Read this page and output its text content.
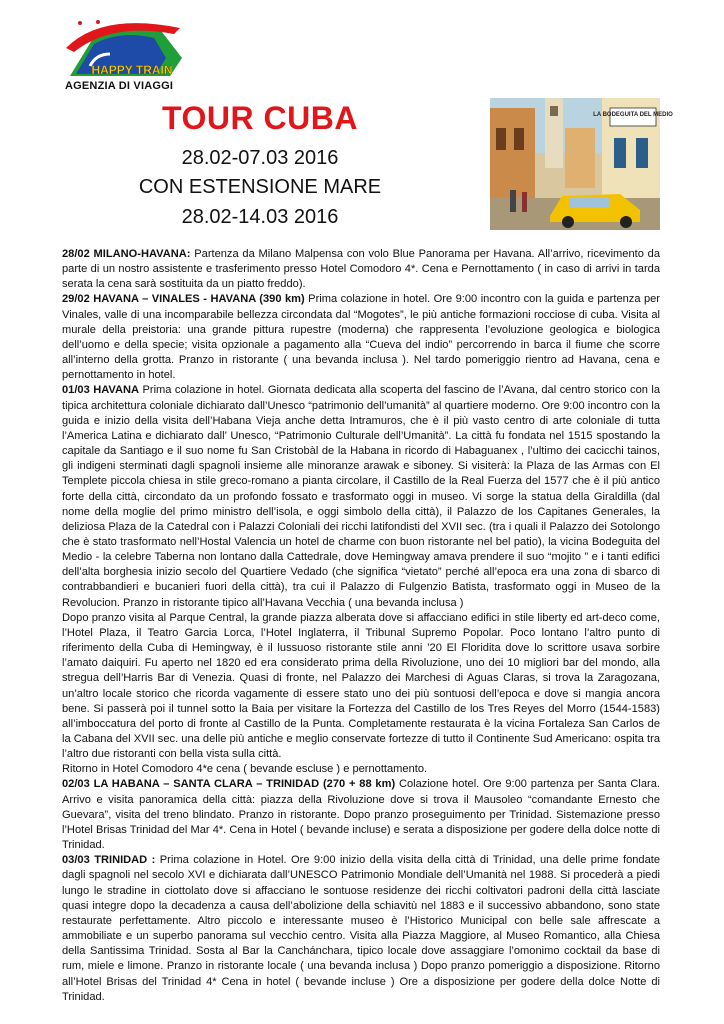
HAPPY TRAIN
AGENZIA DI VIAGGI
TOUR CUBA
28.02-07.03 2016
CON ESTENSIONE MARE
28.02-14.03 2016
LA BODEGUITA DEL MEDIO

28/02 MILANO-HAVANA: Partenza da Milano Malpensa con volo Blue Panorama per Havana. All’arrivo, ricevimento da parte di un nostro assistente e trasferimento presso Hotel Comodoro 4*. Cena e Pernottamento ( in caso di arrivi in tarda serata la cena sarà sostituita da un piatto freddo).

29/02 HAVANA – VINALES - HAVANA (390 km) Prima colazione in hotel. Ore 9:00 incontro con la guida e partenza per Vinales, valle di una incomparabile bellezza circondata dal “Mogotes”, le più antiche formazioni rocciose di cuba. Visita al murale della preistoria: una grande pittura rupestre (moderna) che rappresenta l’evoluzione geologica e biologica dell’uomo e della specie; visita opzionale a pagamento alla “Cueva del indio” percorrendo in barca il fiume che scorre all’interno della grotta. Pranzo in ristorante ( una bevanda inclusa ). Nel tardo pomeriggio rientro ad Havana, cena e pernottamento in hotel.

01/03 HAVANA Prima colazione in hotel. Giornata dedicata alla scoperta del fascino de l’Avana, dal centro storico con la tipica architettura coloniale dichiarato dall’Unesco “patrimonio dell’umanità” al quartiere moderno. Ore 9:00 incontro con la guida e inizio della visita dell’Habana Vieja anche detta Intramuros, che è il più vasto centro di arte coloniale di tutta l’America Latina e dichiarato dall’ Unesco, “Patrimonio Culturale dell’Umanità”. La città fu fondata nel 1515 spostando la capitale da Santiago e il suo nome fu San Cristobàl de la Habana in ricordo di Habaguanex , l’ultimo dei cacicchi tainos, gli indigeni sterminati dagli spagnoli insieme alle minoranze arawak e siboney. Si visiterà: la Plaza de las Armas con El Templete piccola chiesa in stile greco-romano a pianta circolare, il Castillo de la Real Fuerza del 1577 che è il più antico forte della città, circondato da un profondo fossato e trasformato oggi in museo. Vi sorge la statua della Giraldilla (dal nome della moglie del primo ministro dell’isola, e oggi simbolo della città), il Palazzo de los Capitanes Generales, la deliziosa Plaza de la Catedral con i Palazzi Coloniali dei ricchi latifondisti del XVII sec. (tra i quali il Palazzo dei Sotolongo che è stato trasformato nell’Hostal Valencia un hotel de charme con buon ristorante nel bel patio), la vicina Bodeguita del Medio - la celebre Taberna non lontano dalla Cattedrale, dove Hemingway amava prendere il suo “mojito ” e i tanti edifici dell’alta borghesia inizio secolo del Quartiere Vedado (che significa “vietato” perché all’epoca era una zona di sbarco di contrabbandieri e bucanieri fuori della città), tra cui il Palazzo di Fulgenzio Batista, trasformato oggi in Museo de la Revolucion. Pranzo in ristorante tipico all’Havana Vecchia ( una bevanda inclusa )

Dopo pranzo visita al Parque Central, la grande piazza alberata dove si affacciano edifici in stile liberty ed art-deco come, l’Hotel Plaza, il Teatro Garcia Lorca, l’Hotel Inglaterra, il Tribunal Supremo Popolar. Poco lontano l’altro punto di riferimento della Cuba di Hemingway, è il lussuoso ristorante stile anni ’20 El Floridita dove lo scrittore usava sorbire l’amato daiquiri. Fu aperto nel 1820 ed era considerato prima della Rivoluzione, uno dei 10 migliori bar del mondo, alla stregua dell’Harris Bar di Venezia. Quasi di fronte, nel Palazzo dei Marchesi di Aguas Claras, si trova la Zaragozana, un’altro locale storico che ricorda vagamente di essere stato uno dei più sontuosi dell’epoca e dove si mangia ancora bene. Si passerà poi il tunnel sotto la Baia per visitare la Fortezza del Castillo de los Tres Reyes del Morro (1544-1583) all’imboccatura del porto di fronte al Castillo de la Punta. Completamente restaurata è la vicina Fortaleza San Carlos de la Cabana del XVII sec. una delle più antiche e meglio conservate fortezze di tutto il Continente Sud Americano: ospita tra l’altro due ristoranti con bella vista sulla città.

Ritorno in Hotel Comodoro 4*e cena ( bevande escluse ) e pernottamento.

02/03 LA HABANA – SANTA CLARA – TRINIDAD (270 + 88 km) Colazione hotel. Ore 9:00 partenza per Santa Clara. Arrivo e visita panoramica della città: piazza della Rivoluzione dove si trova il Mausoleo “comandante Ernesto che Guevara”, visita del treno blindato. Pranzo in ristorante. Dopo pranzo proseguimento per Trinidad. Sistemazione presso l’Hotel Brisas Trinidad del Mar 4*. Cena in Hotel ( bevande incluse) e serata a disposizione per godere della dolce notte di Trinidad.

03/03 TRINIDAD : Prima colazione in Hotel. Ore 9:00 inizio della visita della città di Trinidad, una delle prime fondate dagli spagnoli nel secolo XVI e dichiarata dall’UNESCO Patrimonio Mondiale dell’Umanità nel 1988. Si procederà a piedi lungo le stradine in ciottolato dove si affacciano le sontuose residenze dei ricchi coltivatori padroni della città lasciate quasi integre dopo la decadenza a causa dell’abolizione della schiavitù nel 1883 e il successivo abbandono, sono state restaurate perfettamente. Altro piccolo e interessante museo è l’Historico Municipal con belle sale affrescate a ammobiliate e un superbo panorama sul vecchio centro. Visita alla Piazza Maggiore, al Museo Romantico, alla Chiesa della Santissima Trinidad. Sosta al Bar la Canchánchara, tipico locale dove assaggiare l’omonimo cocktail da base di rum, miele e limone. Pranzo in ristorante locale ( una bevanda inclusa ) Dopo pranzo pomeriggio a disposizione. Ritorno all’Hotel Brisas del Trinidad 4* Cena in hotel ( bevande incluse ) Ore a disposizione per godere della dolce Notte di Trinidad.
